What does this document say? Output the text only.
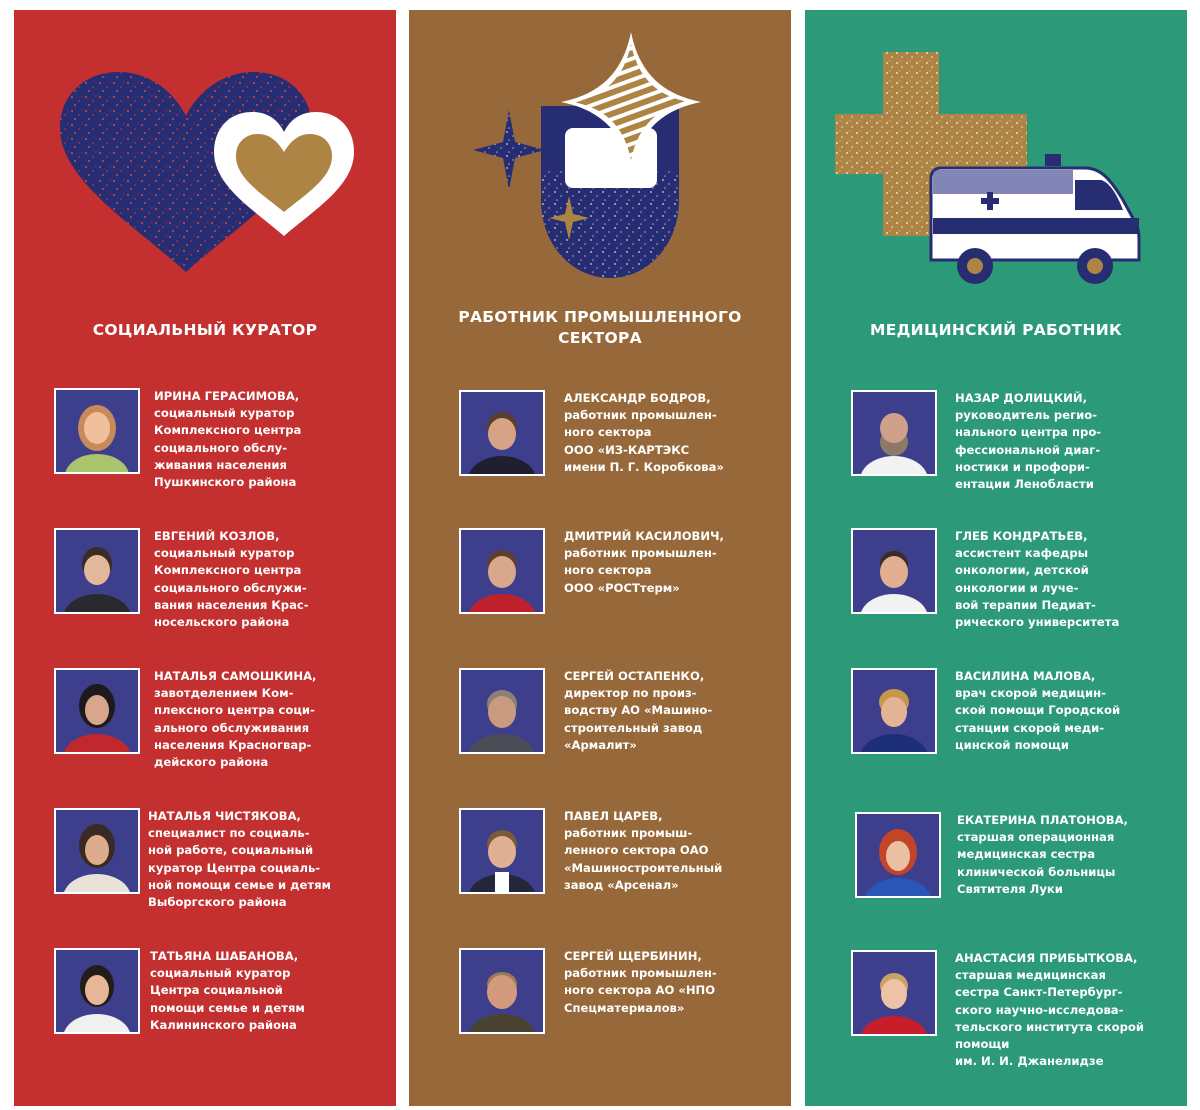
СОЦИАЛЬНЫЙ КУРАТОР
ИРИНА ГЕРАСИМОВА,
социальный куратор
Комплексного центра
социального обслу-
живания населения
Пушкинского района
ЕВГЕНИЙ КОЗЛОВ,
социальный куратор
Комплексного центра
социального обслужи-
вания населения Крас-
носельского района
НАТАЛЬЯ САМОШКИНА,
завотделением Ком-
плексного центра соци-
ального обслуживания
населения Красногвар-
дейского района
НАТАЛЬЯ ЧИСТЯКОВА,
специалист по социаль-
ной работе, социальный
куратор Центра социаль-
ной помощи семье и детям
Выборгского района
ТАТЬЯНА ШАБАНОВА,
социальный куратор
Центра социальной
помощи семье и детям
Калининского района
РАБОТНИК ПРОМЫШЛЕННОГО СЕКТОРА
АЛЕКСАНДР БОДРОВ,
работник промышлен-
ного сектора
ООО «ИЗ-КАРТЭКС
имени П. Г. Коробкова»
ДМИТРИЙ КАСИЛОВИЧ,
работник промышлен-
ного сектора
ООО «РОСТтерм»
СЕРГЕЙ ОСТАПЕНКО,
директор по произ-
водству АО «Машино-
строительный завод
«Армалит»
ПАВЕЛ ЦАРЕВ,
работник промыш-
ленного сектора ОАО
«Машиностроительный
завод «Арсенал»
СЕРГЕЙ ЩЕРБИНИН,
работник промышлен-
ного сектора АО «НПО
Спецматериалов»
МЕДИЦИНСКИЙ РАБОТНИК
НАЗАР ДОЛИЦКИЙ,
руководитель регио-
нального центра про-
фессиональной диаг-
ностики и профори-
ентации Ленобласти
ГЛЕБ КОНДРАТЬЕВ,
ассистент кафедры
онкологии, детской
онкологии и луче-
вой терапии Педиат-
рического университета
ВАСИЛИНА МАЛОВА,
врач скорой медицин-
ской помощи Городской
станции скорой меди-
цинской помощи
ЕКАТЕРИНА ПЛАТОНОВА,
старшая операционная
медицинская сестра
клинической больницы
Святителя Луки
АНАСТАСИЯ ПРИБЫТКОВА,
старшая медицинская
сестра Санкт-Петербург-
ского научно-исследова-
тельского института скорой
помощи
им. И. И. Джанелидзе
